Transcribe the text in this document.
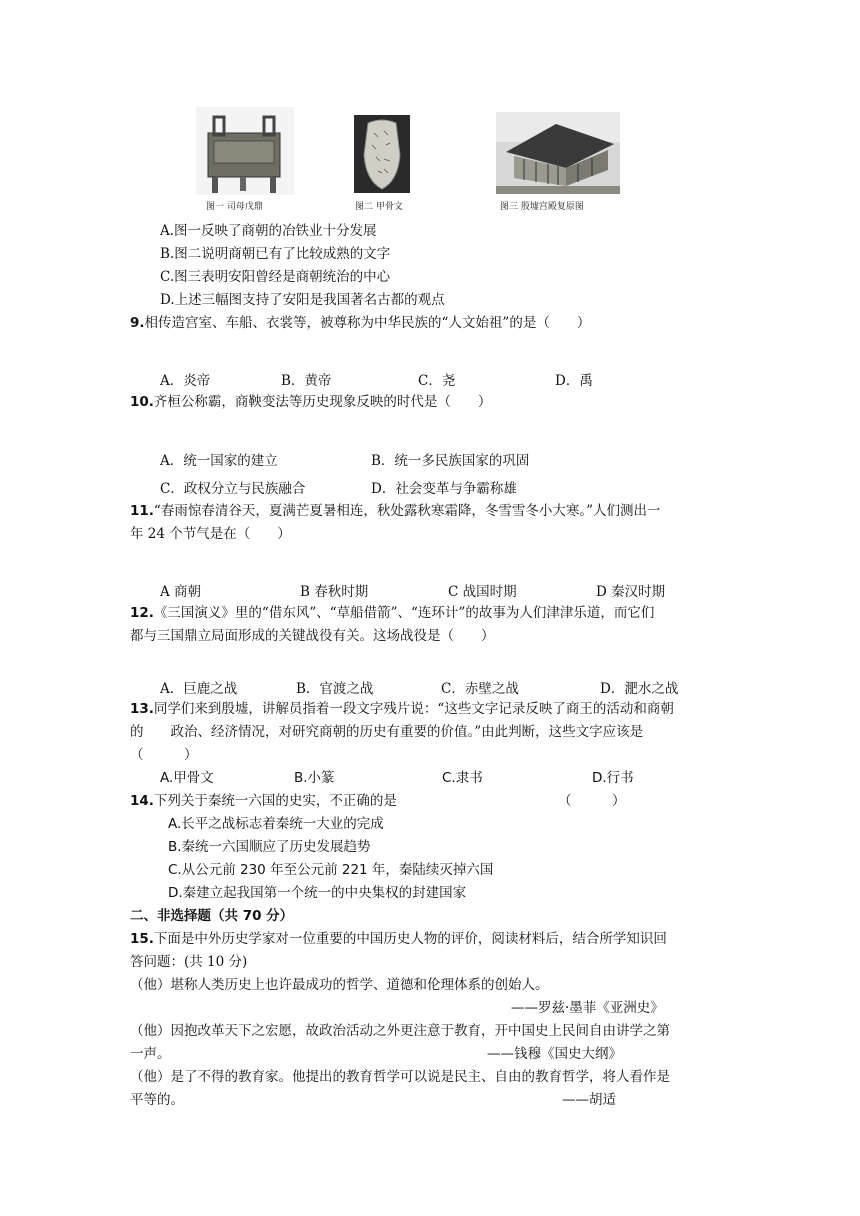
图一 司母戊鼎	图二 甲骨文	图三 殷墟宫殿复原图
A.图一反映了商朝的冶铁业十分发展
B.图二说明商朝已有了比较成熟的文字
C.图三表明安阳曾经是商朝统治的中心
D.上述三幅图支持了安阳是我国著名古都的观点
9.相传造宫室、车船、衣裳等，被尊称为中华民族的“人文始祖”的是（　　）
A．炎帝	B．黄帝	C．尧	D．禹
10.齐桓公称霸，商鞅变法等历史现象反映的时代是（　　）
A．统一国家的建立	B．统一多民族国家的巩固
C．政权分立与民族融合	D．社会变革与争霸称雄
11.“春雨惊春清谷天，夏满芒夏暑相连，秋处露秋寒霜降，冬雪雪冬小大寒。”人们测出一
年 24 个节气是在（　　）
A 商朝	B 春秋时期	C 战国时期	D 秦汉时期
12.《三国演义》里的“借东风”、“草船借箭”、“连环计”的故事为人们津津乐道，而它们
都与三国鼎立局面形成的关键战役有关。这场战役是（　　）
A．巨鹿之战	B．官渡之战	C．赤壁之战	D．淝水之战
13.同学们来到殷墟，讲解员指着一段文字残片说：“这些文字记录反映了商王的活动和商朝
的　　政治、经济情况，对研究商朝的历史有重要的价值。”由此判断，这些文字应该是
（　　　）
A.甲骨文	B.小篆	C.隶书	D.行书
14.下列关于秦统一六国的史实，不正确的是	（　　　）
A.长平之战标志着秦统一大业的完成
B.秦统一六国顺应了历史发展趋势
C.从公元前 230 年至公元前 221 年，秦陆续灭掉六国
D.秦建立起我国第一个统一的中央集权的封建国家
二、非选择题（共 70 分）
15.下面是中外历史学家对一位重要的中国历史人物的评价，阅读材料后，结合所学知识回
答问题：(共 10 分)
（他）堪称人类历史上也许最成功的哲学、道德和伦理体系的创始人。
——罗兹·墨菲《亚洲史》
（他）因抱改革天下之宏愿，故政治活动之外更注意于教育，开中国史上民间自由讲学之第
一声。	——钱穆《国史大纲》
（他）是了不得的教育家。他提出的教育哲学可以说是民主、自由的教育哲学，将人看作是
平等的。	——胡适
